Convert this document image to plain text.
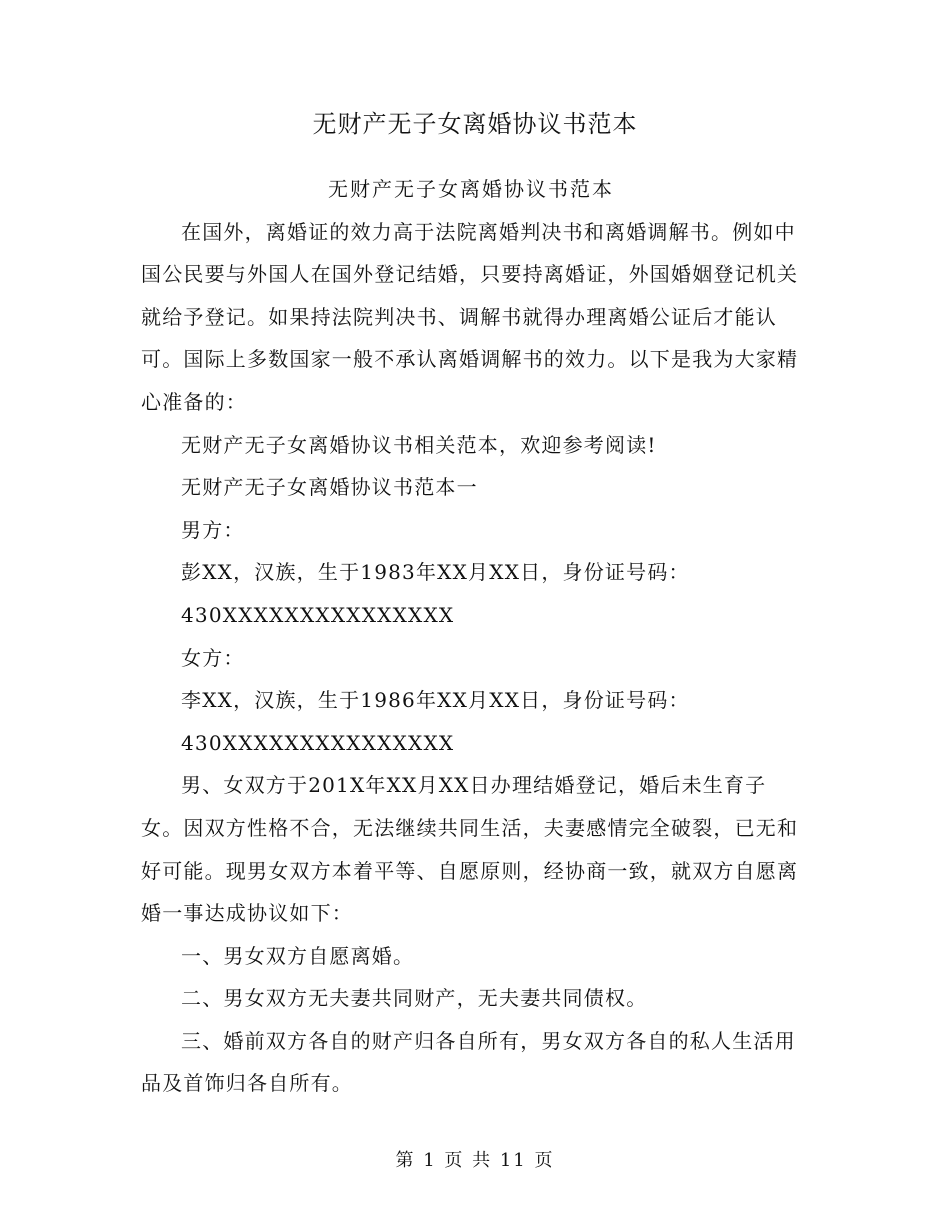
无财产无子女离婚协议书范本

无财产无子女离婚协议书范本

在国外，离婚证的效力高于法院离婚判决书和离婚调解书。例如中国公民要与外国人在国外登记结婚，只要持离婚证，外国婚姻登记机关就给予登记。如果持法院判决书、调解书就得办理离婚公证后才能认可。国际上多数国家一般不承认离婚调解书的效力。以下是我为大家精心准备的：

无财产无子女离婚协议书相关范本，欢迎参考阅读!

无财产无子女离婚协议书范本一

男方：

彭XX，汉族，生于1983年XX月XX日，身份证号码：

430XXXXXXXXXXXXXXX

女方：

李XX，汉族，生于1986年XX月XX日，身份证号码：

430XXXXXXXXXXXXXXX

男、女双方于201X年XX月XX日办理结婚登记，婚后未生育子女。因双方性格不合，无法继续共同生活，夫妻感情完全破裂，已无和好可能。现男女双方本着平等、自愿原则，经协商一致，就双方自愿离婚一事达成协议如下：

一、男女双方自愿离婚。

二、男女双方无夫妻共同财产，无夫妻共同债权。

三、婚前双方各自的财产归各自所有，男女双方各自的私人生活用品及首饰归各自所有。

第 1 页 共 11 页
